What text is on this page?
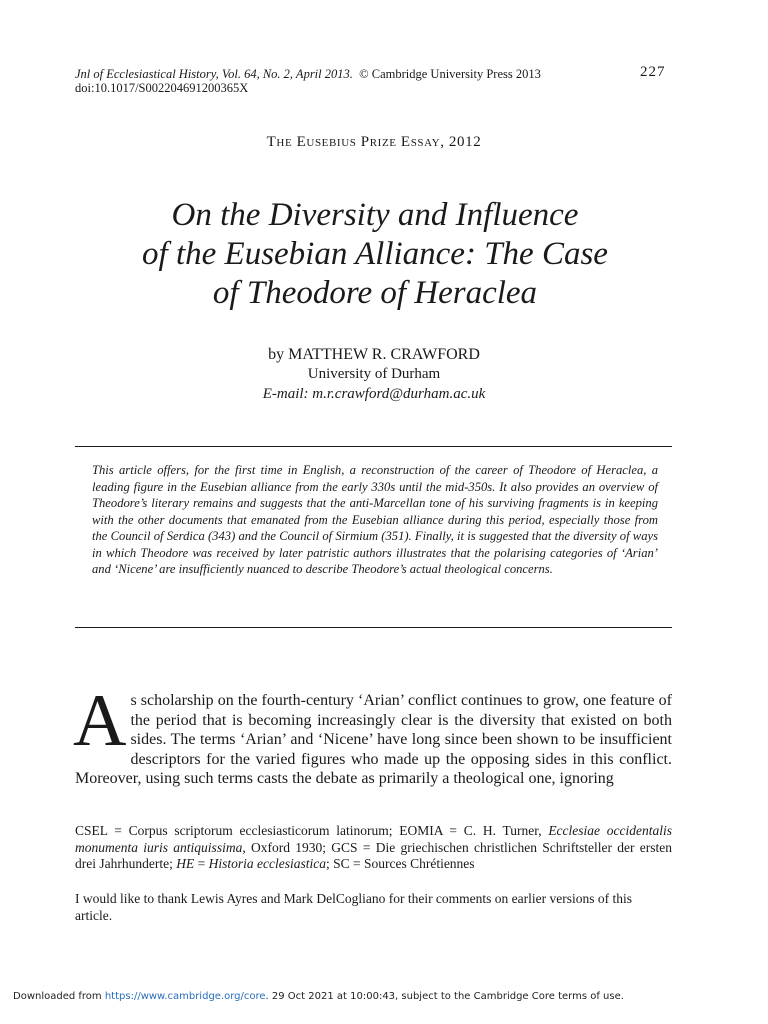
Jnl of Ecclesiastical History, Vol. 64, No. 2, April 2013. © Cambridge University Press 2013	227
doi:10.1017/S002204691200365X
The Eusebius Prize Essay, 2012
On the Diversity and Influence
of the Eusebian Alliance: The Case
of Theodore of Heraclea
by MATTHEW R. CRAWFORD
University of Durham
E-mail: m.r.crawford@durham.ac.uk

This article offers, for the first time in English, a reconstruction of the career of Theodore of Heraclea, a leading figure in the Eusebian alliance from the early 330s until the mid-350s. It also provides an overview of Theodore’s literary remains and suggests that the anti-Marcellan tone of his surviving fragments is in keeping with the other documents that emanated from the Eusebian alliance during this period, especially those from the Council of Serdica (343) and the Council of Sirmium (351). Finally, it is suggested that the diversity of ways in which Theodore was received by later patristic authors illustrates that the polarising categories of ‘Arian’ and ‘Nicene’ are insufficiently nuanced to describe Theodore’s actual theological concerns.

As scholarship on the fourth-century ‘Arian’ conflict continues to grow, one feature of the period that is becoming increasingly clear is the diversity that existed on both sides. The terms ‘Arian’ and ‘Nicene’ have long since been shown to be insufficient descriptors for the varied figures who made up the opposing sides in this conflict. Moreover, using such terms casts the debate as primarily a theological one, ignoring

CSEL = Corpus scriptorum ecclesiasticorum latinorum; EOMIA = C. H. Turner, Ecclesiae occidentalis monumenta iuris antiquissima, Oxford 1930; GCS = Die griechischen christlichen Schriftsteller der ersten drei Jahrhunderte; HE = Historia ecclesiastica; SC = Sources Chrétiennes

I would like to thank Lewis Ayres and Mark DelCogliano for their comments on earlier versions of this article.

Downloaded from https://www.cambridge.org/core. 29 Oct 2021 at 10:00:43, subject to the Cambridge Core terms of use.
